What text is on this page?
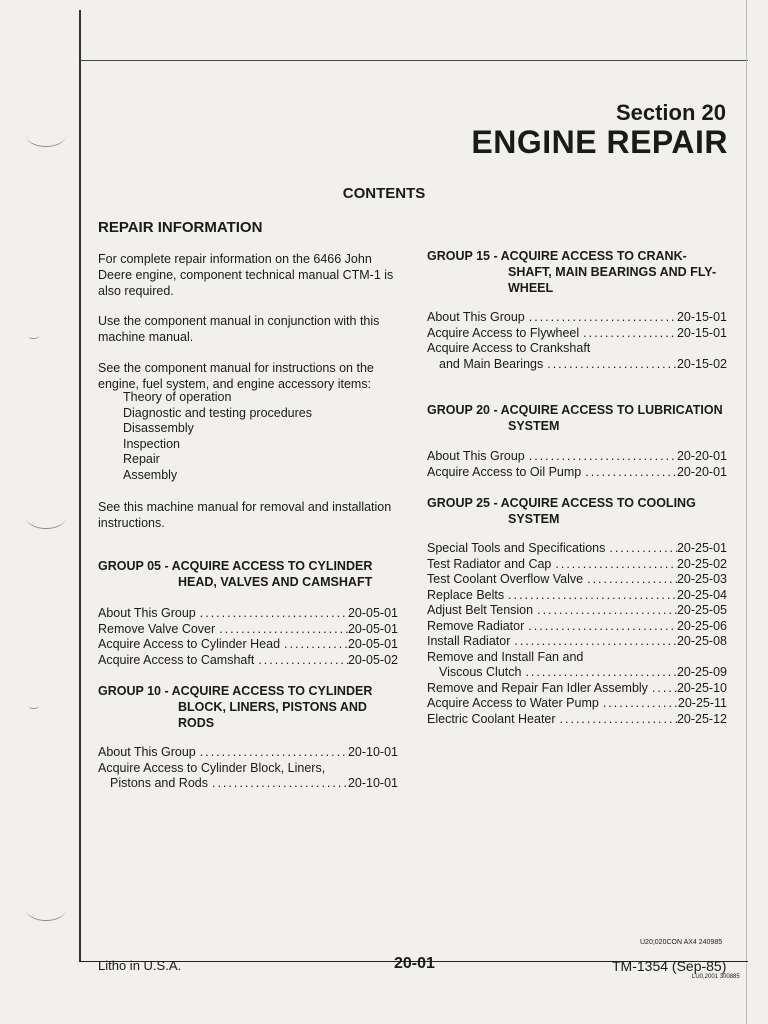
Section 20
ENGINE REPAIR
CONTENTS
REPAIR INFORMATION
For complete repair information on the 6466 John Deere engine, component technical manual CTM-1 is also required.
Use the component manual in conjunction with this machine manual.
See the component manual for instructions on the engine, fuel system, and engine accessory items:
Theory of operation
Diagnostic and testing procedures
Disassembly
Inspection
Repair
Assembly
See this machine manual for removal and installation instructions.
GROUP 05 - ACQUIRE ACCESS TO CYLINDER
HEAD, VALVES AND CAMSHAFT
About This Group .....	20-05-01
Remove Valve Cover .....	20-05-01
Acquire Access to Cylinder Head .....	20-05-01
Acquire Access to Camshaft .....	20-05-02
GROUP 10 - ACQUIRE ACCESS TO CYLINDER
BLOCK, LINERS, PISTONS AND
RODS
About This Group .....	20-10-01
Acquire Access to Cylinder Block, Liners,
Pistons and Rods .....	20-10-01
GROUP 15 - ACQUIRE ACCESS TO CRANK-
SHAFT, MAIN BEARINGS AND FLY-
WHEEL
About This Group .....	20-15-01
Acquire Access to Flywheel .....	20-15-01
Acquire Access to Crankshaft
and Main Bearings .....	20-15-02
GROUP 20 - ACQUIRE ACCESS TO LUBRICATION
SYSTEM
About This Group .....	20-20-01
Acquire Access to Oil Pump .....	20-20-01
GROUP 25 - ACQUIRE ACCESS TO COOLING
SYSTEM
Special Tools and Specifications .....	20-25-01
Test Radiator and Cap .....	20-25-02
Test Coolant Overflow Valve .....	20-25-03
Replace Belts .....	20-25-04
Adjust Belt Tension .....	20-25-05
Remove Radiator .....	20-25-06
Install Radiator .....	20-25-08
Remove and Install Fan and
Viscous Clutch .....	20-25-09
Remove and Repair Fan Idler Assembly ..... 20-25-10
Acquire Access to Water Pump .....	20-25-11
Electric Coolant Heater .....	20-25-12
U20;020CON AX4 240985
Litho in U.S.A.	20-01	TM-1354 (Sep-85)
LU0,2001 300885
